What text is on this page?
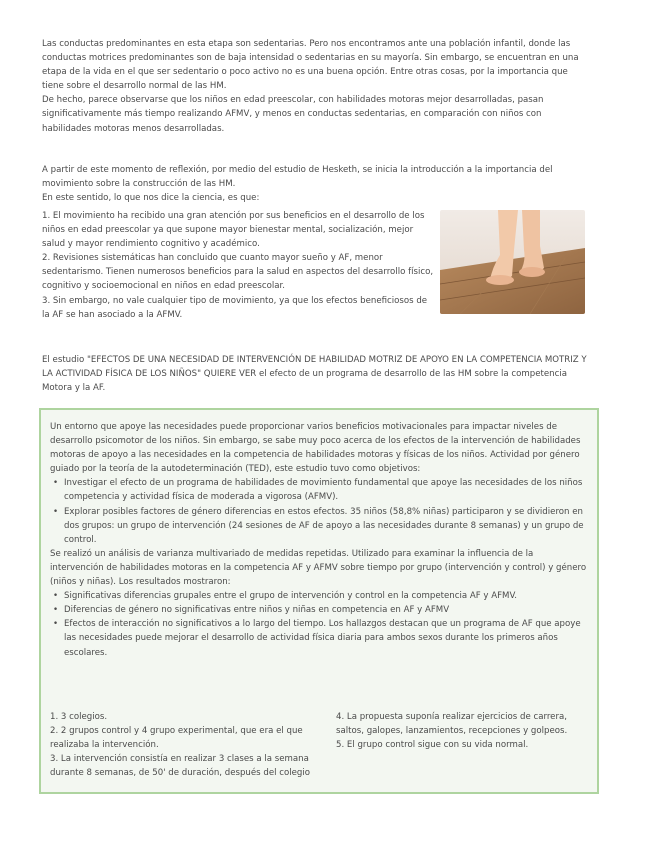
Las conductas predominantes en esta etapa son sedentarias. Pero nos encontramos ante una población infantil, donde las conductas motrices predominantes son de baja intensidad o sedentarias en su mayoría. Sin embargo, se encuentran en una etapa de la vida en el que ser sedentario o poco activo no es una buena opción. Entre otras cosas, por la importancia que tiene sobre el desarrollo normal de las HM.

De hecho, parece observarse que los niños en edad preescolar, con habilidades motoras mejor desarrolladas, pasan significativamente más tiempo realizando AFMV, y menos en conductas sedentarias, en comparación con niños con habilidades motoras menos desarrolladas.

A partir de este momento de reflexión, por medio del estudio de Hesketh, se inicia la introducción a la importancia del movimiento sobre la construcción de las HM.

En este sentido, lo que nos dice la ciencia, es que:

1. El movimiento ha recibido una gran atención por sus beneficios en el desarrollo de los niños en edad preescolar ya que supone mayor bienestar mental, socialización, mejor salud y mayor rendimiento cognitivo y académico.

2. Revisiones sistemáticas han concluido que cuanto mayor sueño y AF, menor sedentarismo. Tienen numerosos beneficios para la salud en aspectos del desarrollo físico, cognitivo y socioemocional en niños en edad preescolar.

3. Sin embargo, no vale cualquier tipo de movimiento, ya que los efectos beneficiosos de la AF se han asociado a la AFMV.

El estudio "EFECTOS DE UNA NECESIDAD DE INTERVENCIÓN DE HABILIDAD MOTRIZ DE APOYO EN LA COMPETENCIA MOTRIZ Y LA ACTIVIDAD FÍSICA DE LOS NIÑOS" QUIERE VER el efecto de un programa de desarrollo de las HM sobre la competencia Motora y la AF.

Un entorno que apoye las necesidades puede proporcionar varios beneficios motivacionales para impactar niveles de desarrollo psicomotor de los niños. Sin embargo, se sabe muy poco acerca de los efectos de la intervención de habilidades motoras de apoyo a las necesidades en la competencia de habilidades motoras y físicas de los niños. Actividad por género guiado por la teoría de la autodeterminación (TED), este estudio tuvo como objetivos:

• Investigar el efecto de un programa de habilidades de movimiento fundamental que apoye las necesidades de los niños competencia y actividad física de moderada a vigorosa (AFMV).
• Explorar posibles factores de género diferencias en estos efectos. 35 niños (58,8% niñas) participaron y se dividieron en dos grupos: un grupo de intervención (24 sesiones de AF de apoyo a las necesidades durante 8 semanas) y un grupo de control.

Se realizó un análisis de varianza multivariado de medidas repetidas. Utilizado para examinar la influencia de la intervención de habilidades motoras en la competencia AF y AFMV sobre tiempo por grupo (intervención y control) y género (niños y niñas). Los resultados mostraron:

• Significativas diferencias grupales entre el grupo de intervención y control en la competencia AF y AFMV.
• Diferencias de género no significativas entre niños y niñas en competencia en AF y AFMV
• Efectos de interacción no significativos a lo largo del tiempo. Los hallazgos destacan que un programa de AF que apoye las necesidades puede mejorar el desarrollo de actividad física diaria para ambos sexos durante los primeros años escolares.

1. 3 colegios.

2. 2 grupos control y 4 grupo experimental, que era el que realizaba la intervención.

3. La intervención consistía en realizar 3 clases a la semana durante 8 semanas, de 50' de duración, después del colegio

4. La propuesta suponía realizar ejercicios de carrera, saltos, galopes, lanzamientos, recepciones y golpeos.

5. El grupo control sigue con su vida normal.
